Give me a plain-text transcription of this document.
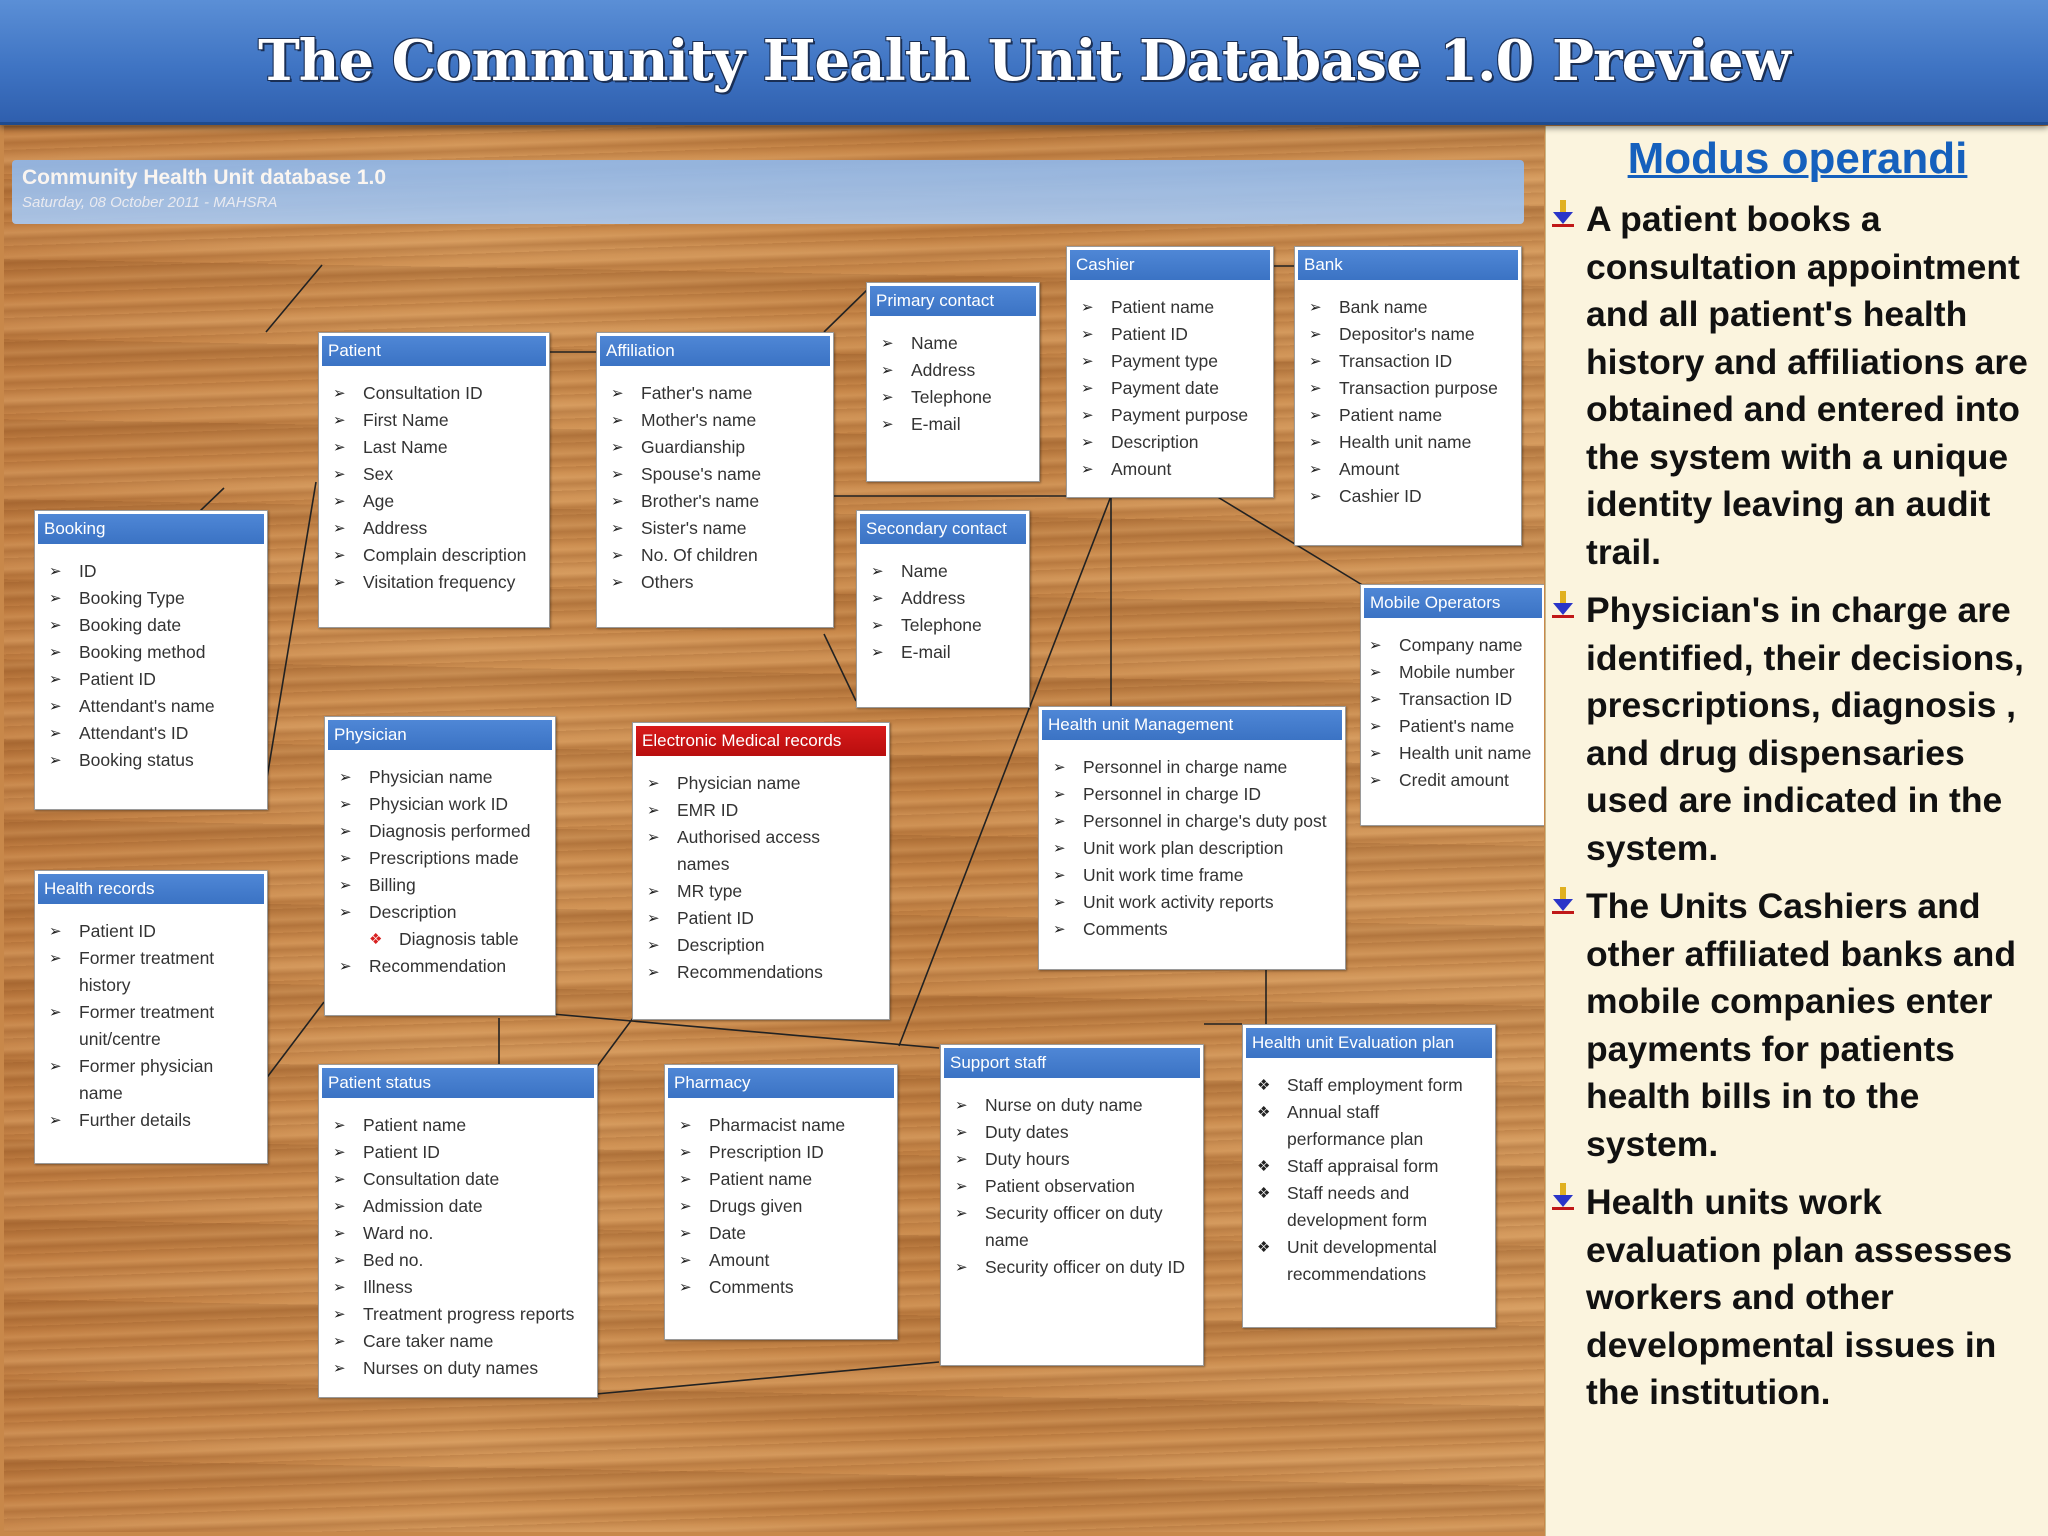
The Community Health Unit Database 1.0 Preview
Community Health Unit database 1.0
Saturday, 08 October 2011 - MAHSRA
Booking
➢ ID
➢ Booking Type
➢ Booking date
➢ Booking method
➢ Patient ID
➢ Attendant's name
➢ Attendant's ID
➢ Booking status
Patient
➢ Consultation ID
➢ First Name
➢ Last Name
➢ Sex
➢ Age
➢ Address
➢ Complain description
➢ Visitation frequency
Affiliation
➢ Father's name
➢ Mother's name
➢ Guardianship
➢ Spouse's name
➢ Brother's name
➢ Sister's name
➢ No. Of children
➢ Others
Primary contact
➢ Name
➢ Address
➢ Telephone
➢ E-mail
Secondary contact
➢ Name
➢ Address
➢ Telephone
➢ E-mail
Cashier
➢ Patient name
➢ Patient ID
➢ Payment type
➢ Payment date
➢ Payment purpose
➢ Description
➢ Amount
Bank
➢ Bank name
➢ Depositor's name
➢ Transaction ID
➢ Transaction purpose
➢ Patient name
➢ Health unit name
➢ Amount
➢ Cashier ID
Mobile Operators
➢ Company name
➢ Mobile number
➢ Transaction ID
➢ Patient's name
➢ Health unit name
➢ Credit amount
Health records
➢ Patient ID
➢ Former treatment history
➢ Former treatment unit/centre
➢ Former physician name
➢ Further details
Physician
➢ Physician name
➢ Physician work ID
➢ Diagnosis performed
➢ Prescriptions made
➢ Billing
➢ Description
❖ Diagnosis table
➢ Recommendation
Electronic Medical records
➢ Physician name
➢ EMR ID
➢ Authorised access names
➢ MR type
➢ Patient ID
➢ Description
➢ Recommendations
Health unit Management
➢ Personnel in charge name
➢ Personnel in charge ID
➢ Personnel in charge's duty post
➢ Unit work plan description
➢ Unit work time frame
➢ Unit work activity reports
➢ Comments
Patient status
➢ Patient name
➢ Patient ID
➢ Consultation date
➢ Admission date
➢ Ward no.
➢ Bed no.
➢ Illness
➢ Treatment progress reports
➢ Care taker name
➢ Nurses on duty names
Pharmacy
➢ Pharmacist name
➢ Prescription ID
➢ Patient name
➢ Drugs given
➢ Date
➢ Amount
➢ Comments
Support staff
➢ Nurse on duty name
➢ Duty dates
➢ Duty hours
➢ Patient observation
➢ Security officer on duty name
➢ Security officer on duty ID
Health unit Evaluation plan
❖ Staff employment form
❖ Annual staff performance plan
❖ Staff appraisal form
❖ Staff needs and development form
❖ Unit developmental recommendations
Modus operandi
A patient books a consultation appointment and all patient's health history and affiliations are obtained and entered into the system with a unique identity leaving an audit trail.
Physician's in charge are identified, their decisions, prescriptions, diagnosis , and drug dispensaries used are indicated in the system.
The Units Cashiers and other affiliated banks and mobile companies enter payments for patients health bills in to the system.
Health units work evaluation plan assesses workers and other developmental issues in the institution.
